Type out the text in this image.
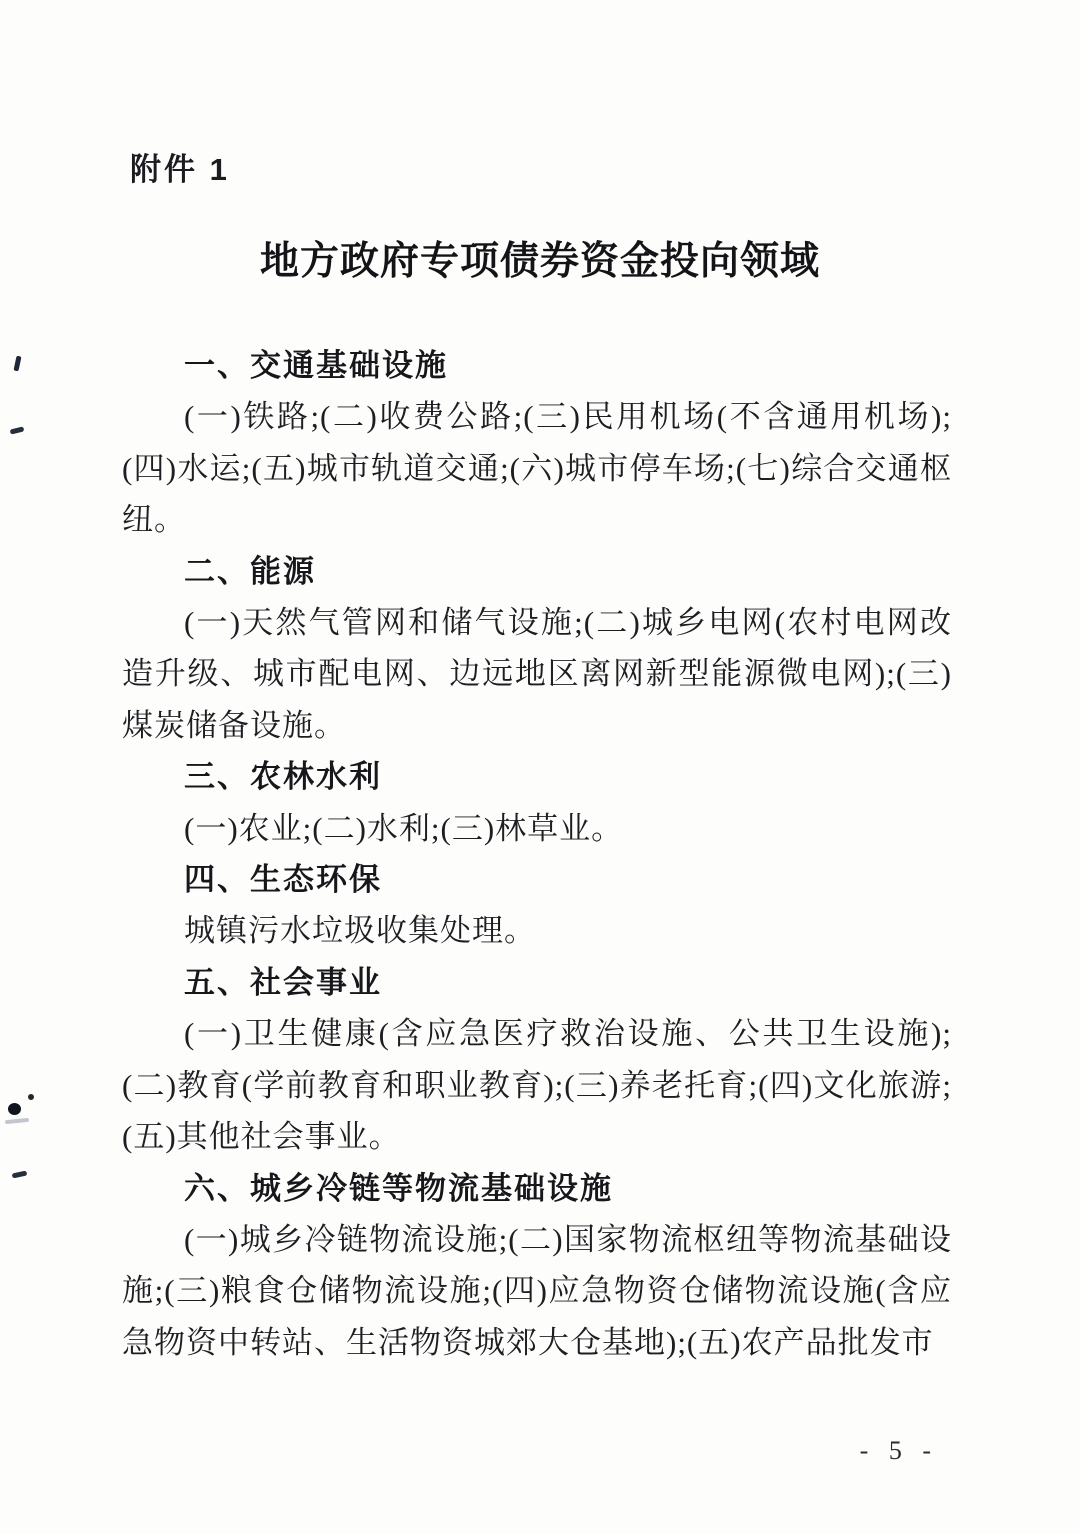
附件 1
地方政府专项债券资金投向领域
一、交通基础设施

(一)铁路;(二)收费公路;(三)民用机场(不含通用机场);(四)水运;(五)城市轨道交通;(六)城市停车场;(七)综合交通枢纽。

二、能源

(一)天然气管网和储气设施;(二)城乡电网(农村电网改造升级、城市配电网、边远地区离网新型能源微电网);(三)煤炭储备设施。

三、农林水利

(一)农业;(二)水利;(三)林草业。

四、生态环保

城镇污水垃圾收集处理。

五、社会事业

(一)卫生健康(含应急医疗救治设施、公共卫生设施);(二)教育(学前教育和职业教育);(三)养老托育;(四)文化旅游;(五)其他社会事业。

六、城乡冷链等物流基础设施

(一)城乡冷链物流设施;(二)国家物流枢纽等物流基础设施;(三)粮食仓储物流设施;(四)应急物资仓储物流设施(含应急物资中转站、生活物资城郊大仓基地);(五)农产品批发市

- 5 -
